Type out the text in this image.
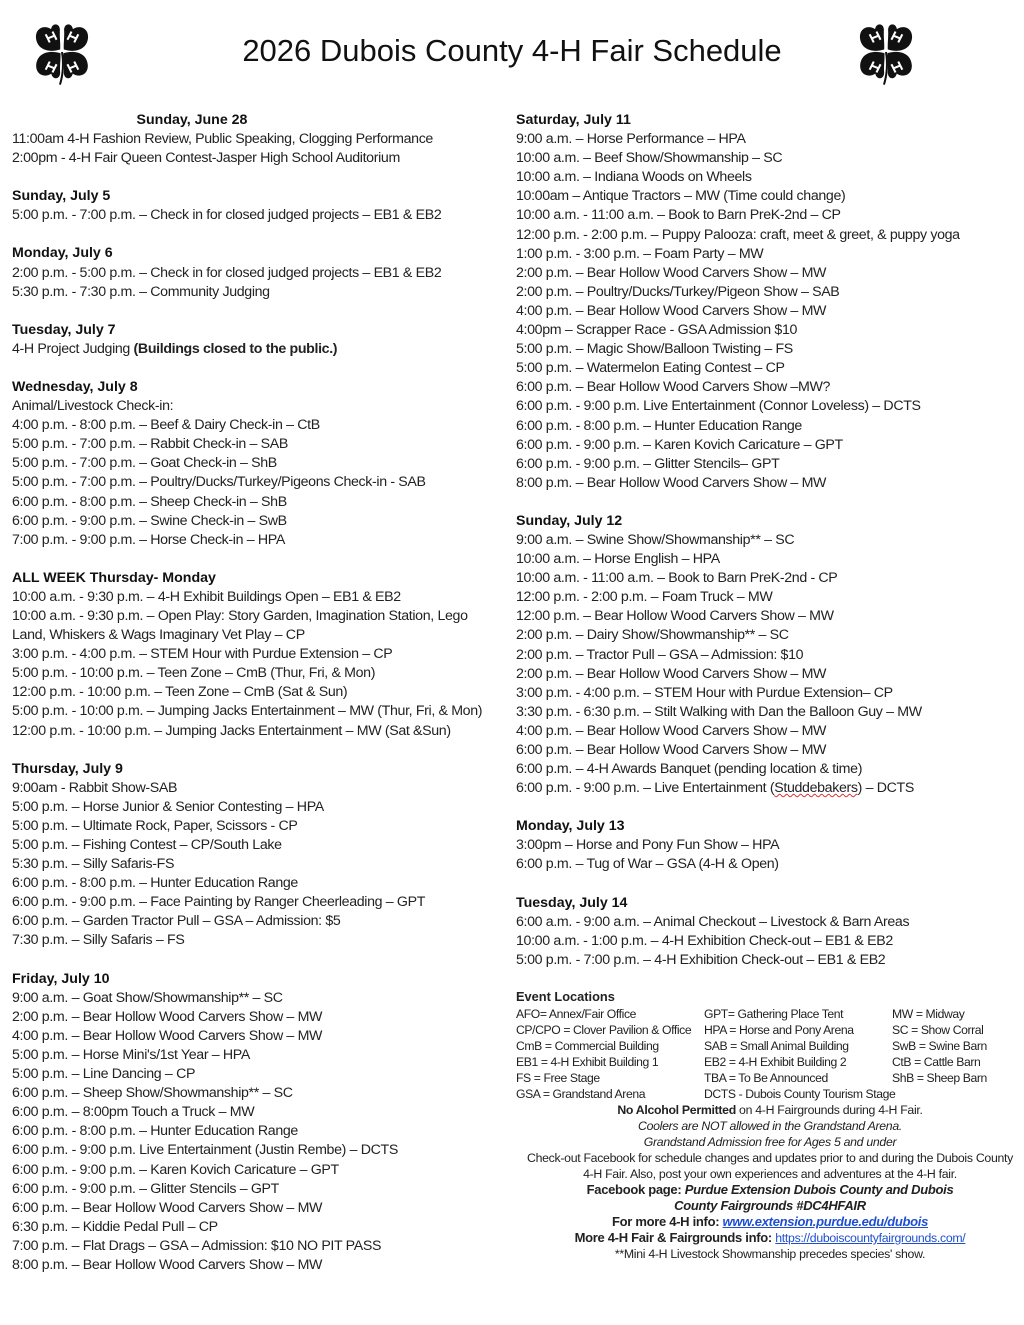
2026 Dubois County 4-H Fair Schedule
Sunday, June 28
11:00am 4-H Fashion Review, Public Speaking, Clogging Performance
2:00pm - 4-H Fair Queen Contest-Jasper High School Auditorium
Sunday, July 5
5:00 p.m. - 7:00 p.m. – Check in for closed judged projects – EB1 & EB2
Monday, July 6
2:00 p.m. - 5:00 p.m. – Check in for closed judged projects – EB1 & EB2
5:30 p.m. - 7:30 p.m. – Community Judging
Tuesday, July 7
4-H Project Judging (Buildings closed to the public.)
Wednesday, July 8
Animal/Livestock Check-in:
4:00 p.m. - 8:00 p.m. – Beef & Dairy Check-in – CtB
5:00 p.m. - 7:00 p.m. – Rabbit Check-in – SAB
5:00 p.m. - 7:00 p.m. – Goat Check-in – ShB
5:00 p.m. - 7:00 p.m. – Poultry/Ducks/Turkey/Pigeons Check-in - SAB
6:00 p.m. - 8:00 p.m. – Sheep Check-in – ShB
6:00 p.m. - 9:00 p.m. – Swine Check-in – SwB
7:00 p.m. - 9:00 p.m. – Horse Check-in – HPA
ALL WEEK Thursday- Monday
10:00 a.m. - 9:30 p.m. – 4-H Exhibit Buildings Open – EB1 & EB2
10:00 a.m. - 9:30 p.m. – Open Play: Story Garden, Imagination Station, Lego
Land, Whiskers & Wags Imaginary Vet Play – CP
3:00 p.m. - 4:00 p.m. – STEM Hour with Purdue Extension – CP
5:00 p.m. - 10:00 p.m. – Teen Zone – CmB (Thur, Fri, & Mon)
12:00 p.m. - 10:00 p.m. – Teen Zone – CmB (Sat & Sun)
5:00 p.m. - 10:00 p.m. – Jumping Jacks Entertainment – MW (Thur, Fri, & Mon)
12:00 p.m. - 10:00 p.m. – Jumping Jacks Entertainment – MW (Sat &Sun)
Thursday, July 9
9:00am - Rabbit Show-SAB
5:00 p.m. – Horse Junior & Senior Contesting – HPA
5:00 p.m. – Ultimate Rock, Paper, Scissors - CP
5:00 p.m. – Fishing Contest – CP/South Lake
5:30 p.m. – Silly Safaris-FS
6:00 p.m. - 8:00 p.m. – Hunter Education Range
6:00 p.m. - 9:00 p.m. – Face Painting by Ranger Cheerleading – GPT
6:00 p.m. – Garden Tractor Pull – GSA – Admission: $5
7:30 p.m. – Silly Safaris – FS
Friday, July 10
9:00 a.m. – Goat Show/Showmanship** – SC
2:00 p.m. – Bear Hollow Wood Carvers Show – MW
4:00 p.m. – Bear Hollow Wood Carvers Show – MW
5:00 p.m. – Horse Mini's/1st Year – HPA
5:00 p.m. – Line Dancing – CP
6:00 p.m. – Sheep Show/Showmanship** – SC
6:00 p.m. – 8:00pm Touch a Truck – MW
6:00 p.m. - 8:00 p.m. – Hunter Education Range
6:00 p.m. - 9:00 p.m. Live Entertainment (Justin Rembe) – DCTS
6:00 p.m. - 9:00 p.m. – Karen Kovich Caricature – GPT
6:00 p.m. - 9:00 p.m. – Glitter Stencils – GPT
6:00 p.m. – Bear Hollow Wood Carvers Show – MW
6:30 p.m. – Kiddie Pedal Pull – CP
7:00 p.m. – Flat Drags – GSA – Admission: $10 NO PIT PASS
8:00 p.m. – Bear Hollow Wood Carvers Show – MW
Saturday, July 11
9:00 a.m. – Horse Performance – HPA
10:00 a.m. – Beef Show/Showmanship – SC
10:00 a.m. – Indiana Woods on Wheels
10:00am – Antique Tractors – MW (Time could change)
10:00 a.m. - 11:00 a.m. – Book to Barn PreK-2nd – CP
12:00 p.m. - 2:00 p.m. – Puppy Palooza: craft, meet & greet, & puppy yoga
1:00 p.m. - 3:00 p.m. – Foam Party – MW
2:00 p.m. – Bear Hollow Wood Carvers Show – MW
2:00 p.m. – Poultry/Ducks/Turkey/Pigeon Show – SAB
4:00 p.m. – Bear Hollow Wood Carvers Show – MW
4:00pm – Scrapper Race - GSA Admission $10
5:00 p.m. – Magic Show/Balloon Twisting – FS
5:00 p.m. – Watermelon Eating Contest – CP
6:00 p.m. – Bear Hollow Wood Carvers Show –MW?
6:00 p.m. - 9:00 p.m. Live Entertainment (Connor Loveless) – DCTS
6:00 p.m. - 8:00 p.m. – Hunter Education Range
6:00 p.m. - 9:00 p.m. – Karen Kovich Caricature – GPT
6:00 p.m. - 9:00 p.m. – Glitter Stencils– GPT
8:00 p.m. – Bear Hollow Wood Carvers Show – MW
Sunday, July 12
9:00 a.m. – Swine Show/Showmanship** – SC
10:00 a.m. – Horse English – HPA
10:00 a.m. - 11:00 a.m. – Book to Barn PreK-2nd - CP
12:00 p.m. - 2:00 p.m. – Foam Truck – MW
12:00 p.m. – Bear Hollow Wood Carvers Show – MW
2:00 p.m. – Dairy Show/Showmanship** – SC
2:00 p.m. – Tractor Pull – GSA – Admission: $10
2:00 p.m. – Bear Hollow Wood Carvers Show – MW
3:00 p.m. - 4:00 p.m. – STEM Hour with Purdue Extension– CP
3:30 p.m. - 6:30 p.m. – Stilt Walking with Dan the Balloon Guy – MW
4:00 p.m. – Bear Hollow Wood Carvers Show – MW
6:00 p.m. – Bear Hollow Wood Carvers Show – MW
6:00 p.m. – 4-H Awards Banquet (pending location & time)
6:00 p.m. - 9:00 p.m. – Live Entertainment (Studdebakers) – DCTS
Monday, July 13
3:00pm – Horse and Pony Fun Show – HPA
6:00 p.m. – Tug of War – GSA (4-H & Open)
Tuesday, July 14
6:00 a.m. - 9:00 a.m. – Animal Checkout – Livestock & Barn Areas
10:00 a.m. - 1:00 p.m. – 4-H Exhibition Check-out – EB1 & EB2
5:00 p.m. - 7:00 p.m. – 4-H Exhibition Check-out – EB1 & EB2
Event Locations
AFO= Annex/Fair Office	GPT= Gathering Place Tent	MW = Midway
CP/CPO = Clover Pavilion & Office	HPA = Horse and Pony Arena	SC = Show Corral
CmB = Commercial Building	SAB = Small Animal Building	SwB = Swine Barn
EB1 = 4-H Exhibit Building 1	EB2 = 4-H Exhibit Building 2	CtB = Cattle Barn
FS = Free Stage	TBA = To Be Announced	ShB = Sheep Barn
GSA = Grandstand Arena	DCTS - Dubois County Tourism Stage
No Alcohol Permitted on 4-H Fairgrounds during 4-H Fair.
Coolers are NOT allowed in the Grandstand Arena.
Grandstand Admission free for Ages 5 and under
Check-out Facebook for schedule changes and updates prior to and during the Dubois County 4-H Fair. Also, post your own experiences and adventures at the 4-H fair.
Facebook page: Purdue Extension Dubois County and Dubois County Fairgrounds #DC4HFAIR
For more 4-H info: www.extension.purdue.edu/dubois
More 4-H Fair & Fairgrounds info: https://duboiscountyfairgrounds.com/
**Mini 4-H Livestock Showmanship precedes species' show.
